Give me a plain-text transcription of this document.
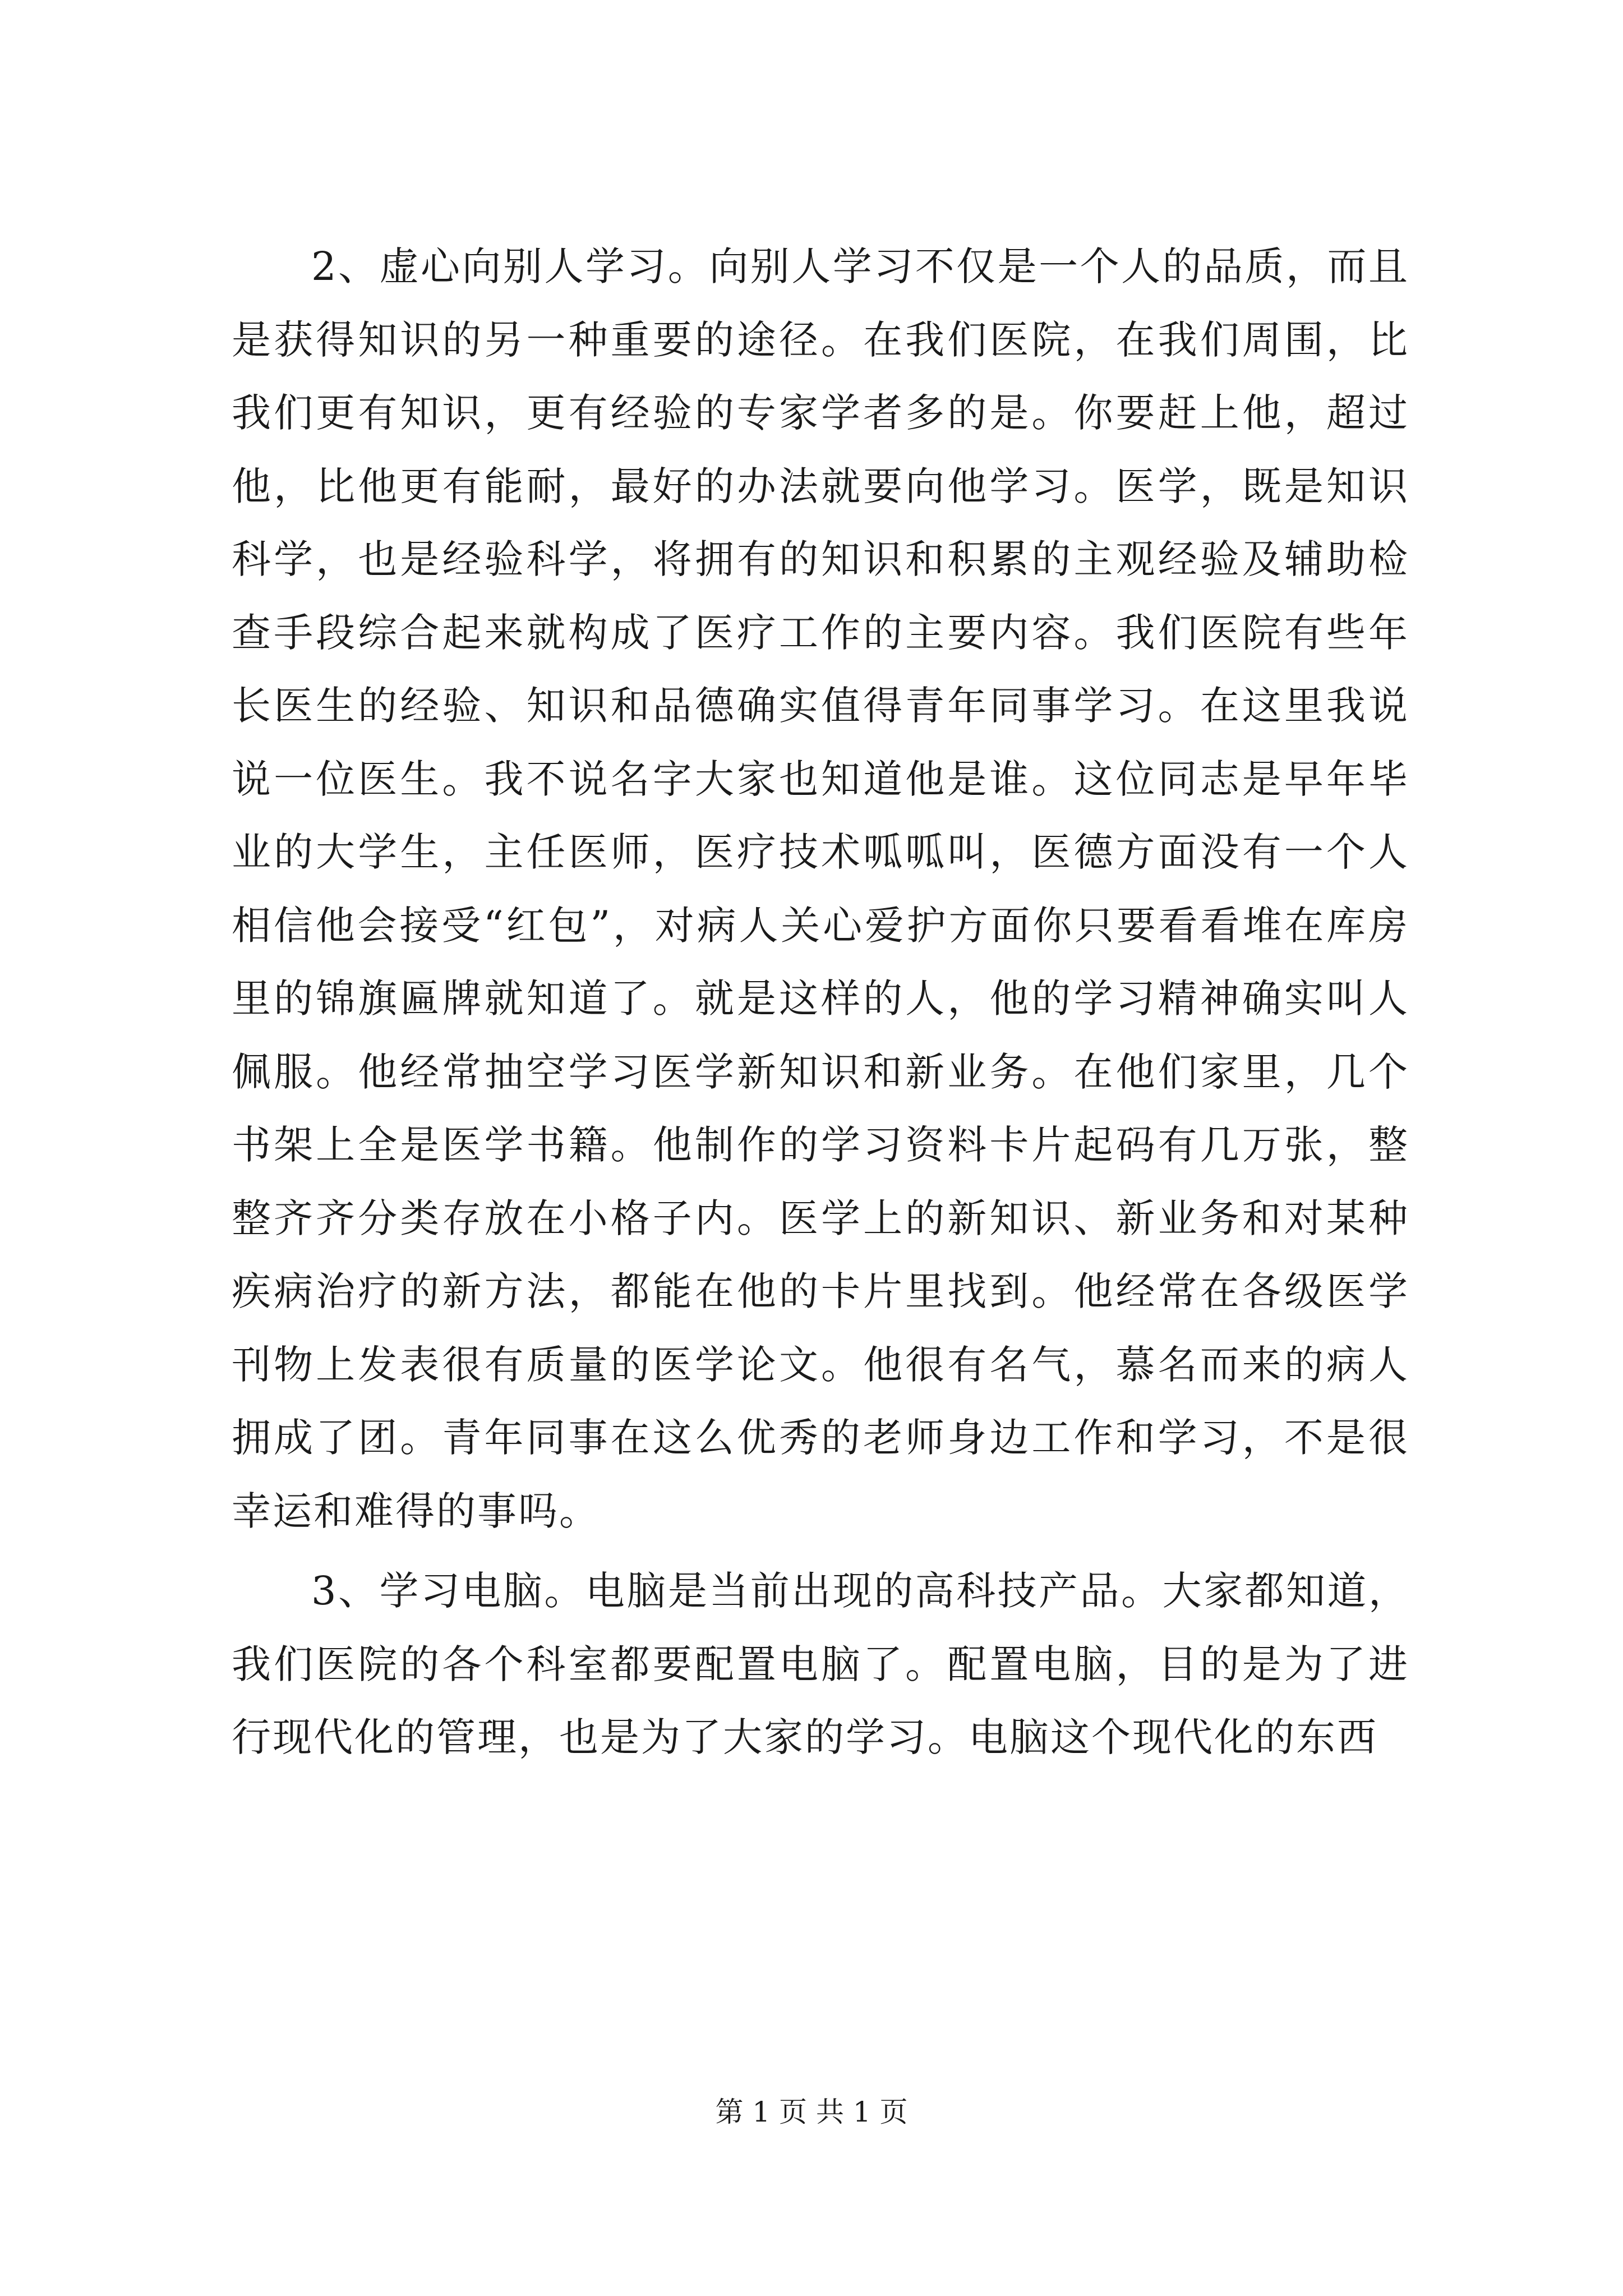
2、虚心向别人学习。向别人学习不仅是一个人的品质，而且是获得知识的另一种重要的途径。在我们医院，在我们周围，比我们更有知识，更有经验的专家学者多的是。你要赶上他，超过他，比他更有能耐，最好的办法就要向他学习。医学，既是知识科学，也是经验科学，将拥有的知识和积累的主观经验及辅助检查手段综合起来就构成了医疗工作的主要内容。我们医院有些年长医生的经验、知识和品德确实值得青年同事学习。在这里我说说一位医生。我不说名字大家也知道他是谁。这位同志是早年毕业的大学生，主任医师，医疗技术呱呱叫，医德方面没有一个人相信他会接受“红包”，对病人关心爱护方面你只要看看堆在库房里的锦旗匾牌就知道了。就是这样的人，他的学习精神确实叫人佩服。他经常抽空学习医学新知识和新业务。在他们家里，几个书架上全是医学书籍。他制作的学习资料卡片起码有几万张，整整齐齐分类存放在小格子内。医学上的新知识、新业务和对某种疾病治疗的新方法，都能在他的卡片里找到。他经常在各级医学刊物上发表很有质量的医学论文。他很有名气，慕名而来的病人拥成了团。青年同事在这么优秀的老师身边工作和学习，不是很幸运和难得的事吗。

3、学习电脑。电脑是当前出现的高科技产品。大家都知道，我们医院的各个科室都要配置电脑了。配置电脑，目的是为了进行现代化的管理，也是为了大家的学习。电脑这个现代化的东西

第 1 页 共 1 页
